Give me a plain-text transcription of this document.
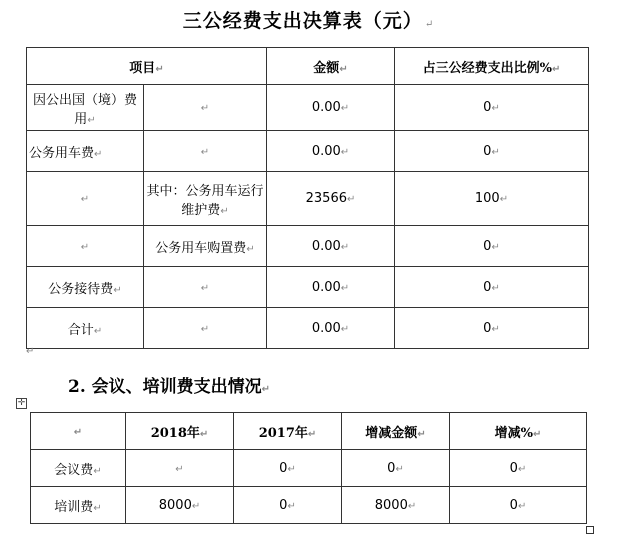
三公经费支出决算表（元） ↵
项目↵		金额↵	占三公经费支出比例%↵
因公出国（境）费用↵	↵	0.00↵	0↵
公务用车费↵	↵	0.00↵	0↵
↵	其中：公务用车运行维护费↵	23566↵	100↵
↵	公务用车购置费↵	0.00↵	0↵
公务接待费↵	↵	0.00↵	0↵
合计↵	↵	0.00↵	0↵
↵
2. 会议、培训费支出情况↵
✛
↵	2018年↵	2017年↵	增减金额↵	增减%↵
会议费↵	↵	0↵	0↵	0↵
培训费↵	8000↵	0↵	8000↵	0↵
